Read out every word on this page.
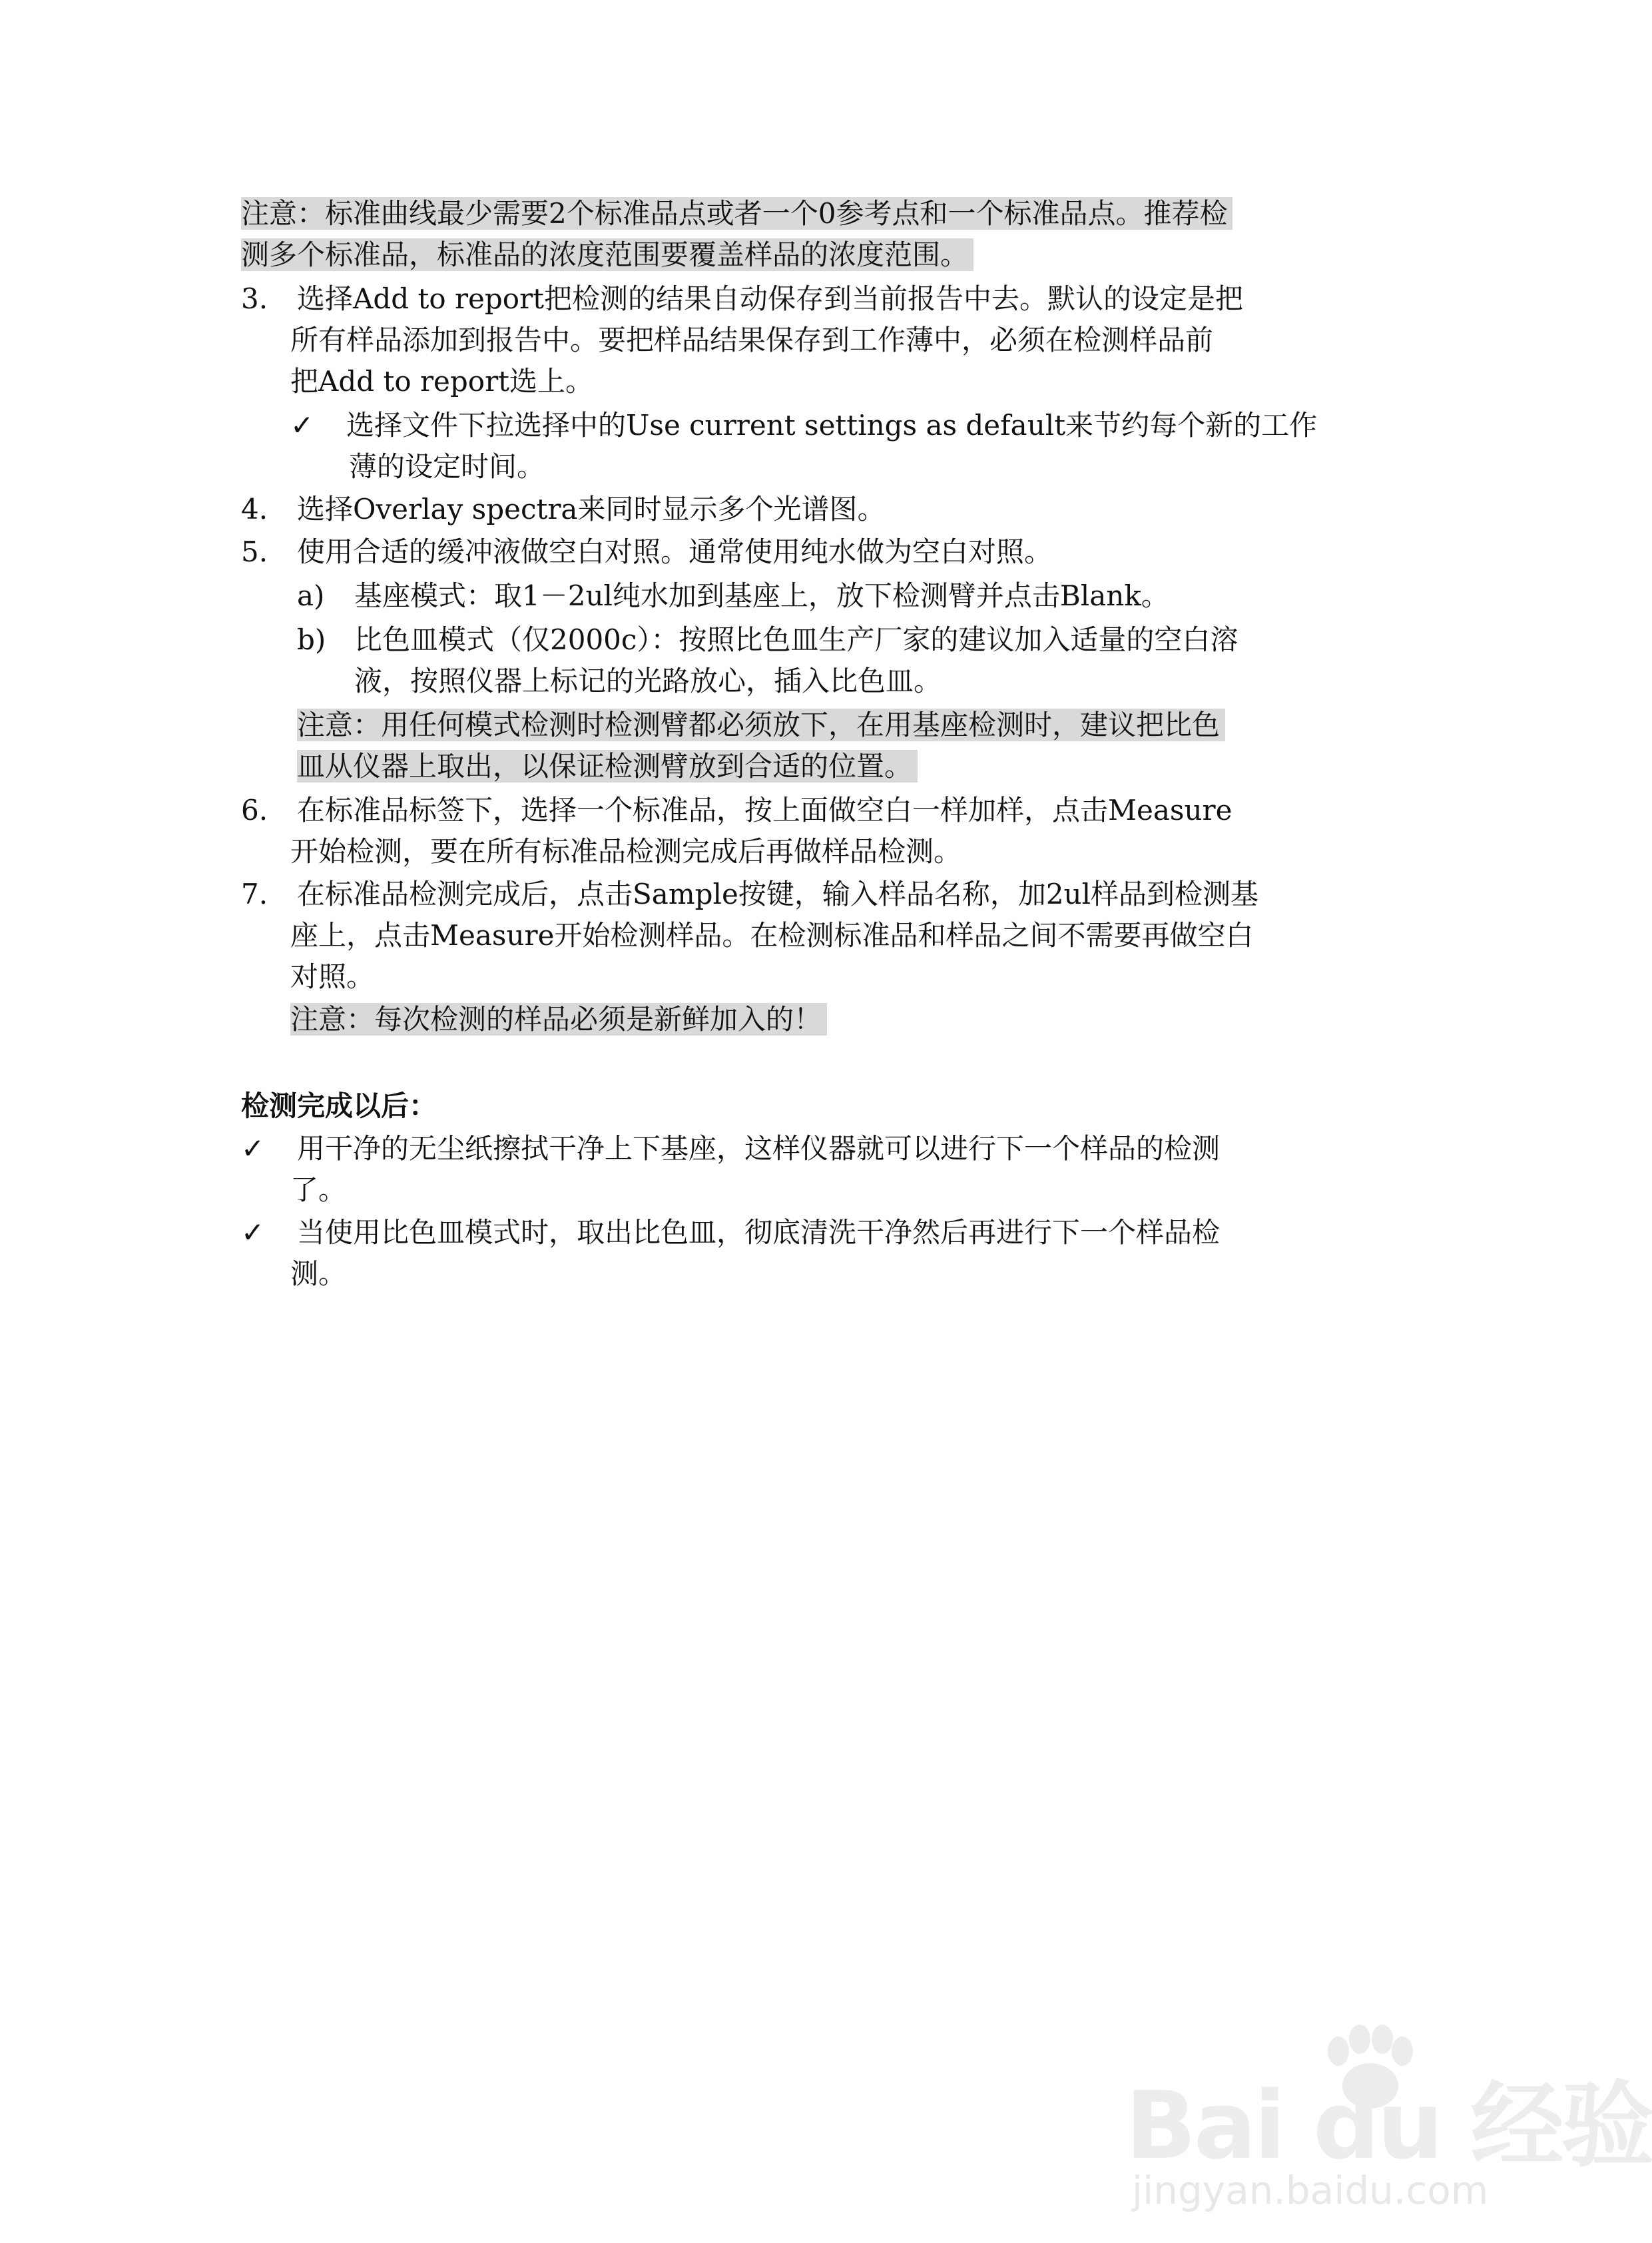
注意：标准曲线最少需要2个标准品点或者一个0参考点和一个标准品点。推荐检
测多个标准品，标准品的浓度范围要覆盖样品的浓度范围。
3. 选择Add to report把检测的结果自动保存到当前报告中去。默认的设定是把
所有样品添加到报告中。要把样品结果保存到工作薄中，必须在检测样品前
把Add to report选上。
✓ 选择文件下拉选择中的Use current settings as default来节约每个新的工作
薄的设定时间。
4. 选择Overlay spectra来同时显示多个光谱图。
5. 使用合适的缓冲液做空白对照。通常使用纯水做为空白对照。
a) 基座模式：取1－2ul纯水加到基座上，放下检测臂并点击Blank。
b) 比色皿模式（仅2000c）：按照比色皿生产厂家的建议加入适量的空白溶
液，按照仪器上标记的光路放心，插入比色皿。
注意：用任何模式检测时检测臂都必须放下，在用基座检测时，建议把比色
皿从仪器上取出，以保证检测臂放到合适的位置。
6. 在标准品标签下，选择一个标准品，按上面做空白一样加样，点击Measure
开始检测，要在所有标准品检测完成后再做样品检测。
7. 在标准品检测完成后，点击Sample按键，输入样品名称，加2ul样品到检测基
座上，点击Measure开始检测样品。在检测标准品和样品之间不需要再做空白
对照。
注意：每次检测的样品必须是新鲜加入的！
检测完成以后：
✓ 用干净的无尘纸擦拭干净上下基座，这样仪器就可以进行下一个样品的检测
了。
✓ 当使用比色皿模式时，取出比色皿，彻底清洗干净然后再进行下一个样品检
测。
Bai du 经验
jingyan.baidu.com
